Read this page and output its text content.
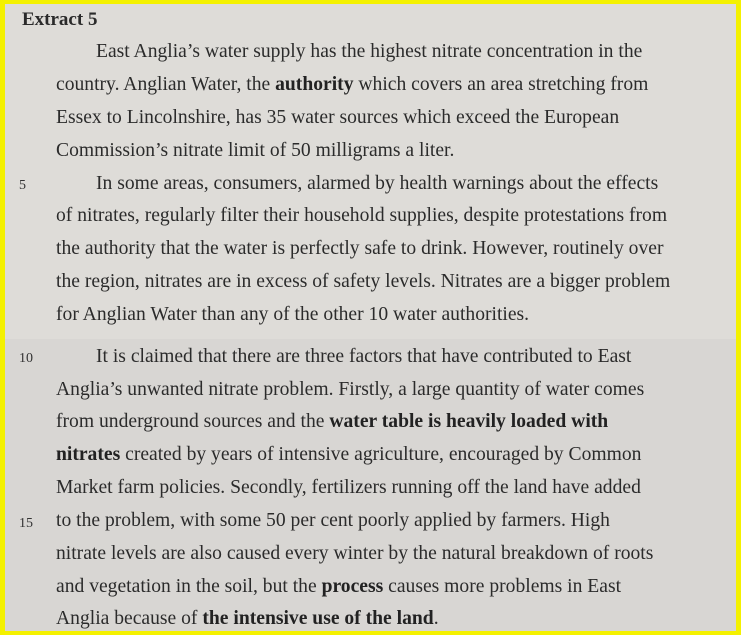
Extract 5
5
10
15
East Anglia’s water supply has the highest nitrate concentration in the
country. Anglian Water, the authority which covers an area stretching from
Essex to Lincolnshire, has 35 water sources which exceed the European
Commission’s nitrate limit of 50 milligrams a liter.
In some areas, consumers, alarmed by health warnings about the effects
of nitrates, regularly filter their household supplies, despite protestations from
the authority that the water is perfectly safe to drink. However, routinely over
the region, nitrates are in excess of safety levels. Nitrates are a bigger problem
for Anglian Water than any of the other 10 water authorities.
It is claimed that there are three factors that have contributed to East
Anglia’s unwanted nitrate problem. Firstly, a large quantity of water comes
from underground sources and the water table is heavily loaded with
nitrates created by years of intensive agriculture, encouraged by Common
Market farm policies. Secondly, fertilizers running off the land have added
to the problem, with some 50 per cent poorly applied by farmers. High
nitrate levels are also caused every winter by the natural breakdown of roots
and vegetation in the soil, but the process causes more problems in East
Anglia because of the intensive use of the land.
